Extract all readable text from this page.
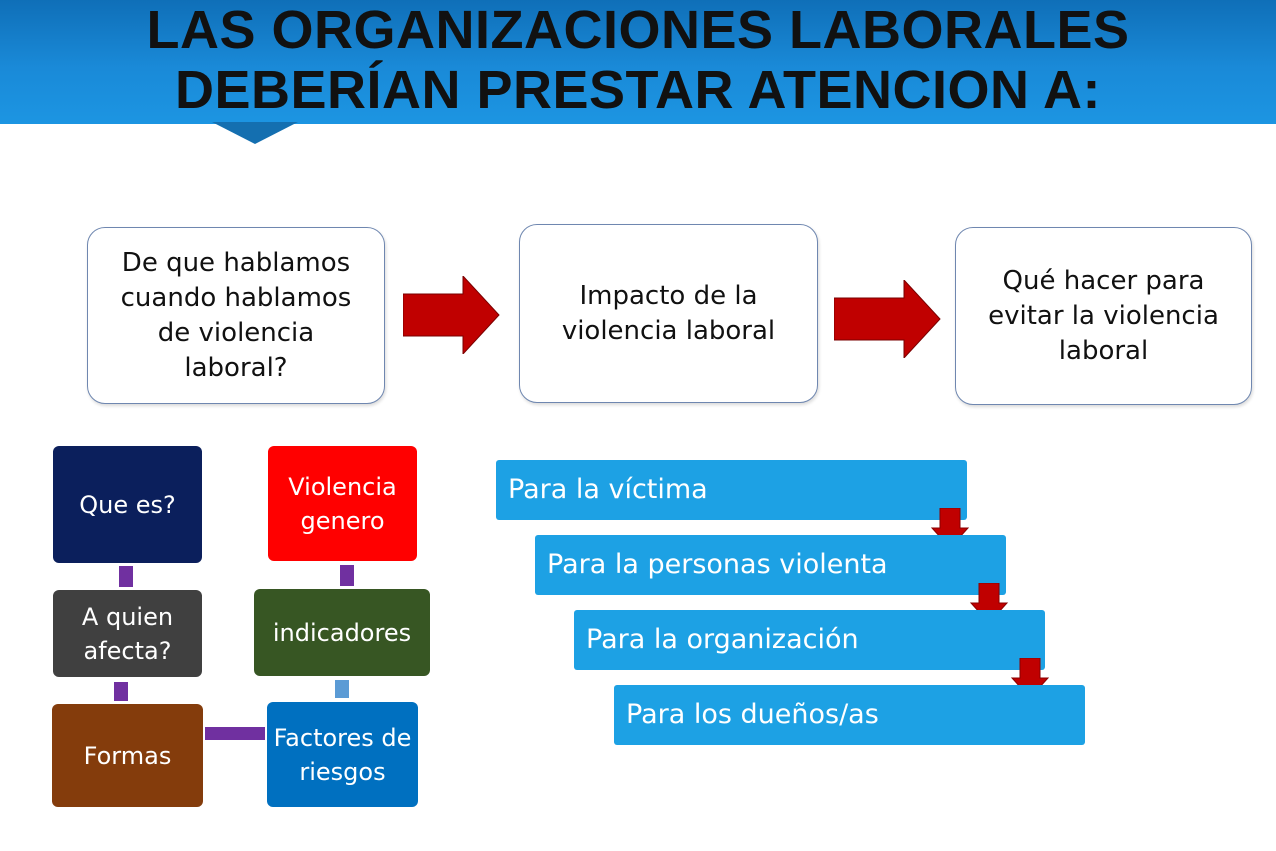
LAS ORGANIZACIONES LABORALES
DEBERÍAN PRESTAR ATENCION A:
De que hablamos cuando hablamos de violencia laboral?
Impacto de la violencia laboral
Qué hacer para evitar la violencia laboral
Que es?
Violencia genero
A quien afecta?
indicadores
Formas
Factores de riesgos
Para la víctima
Para la personas violenta
Para la organización
Para los dueños/as
